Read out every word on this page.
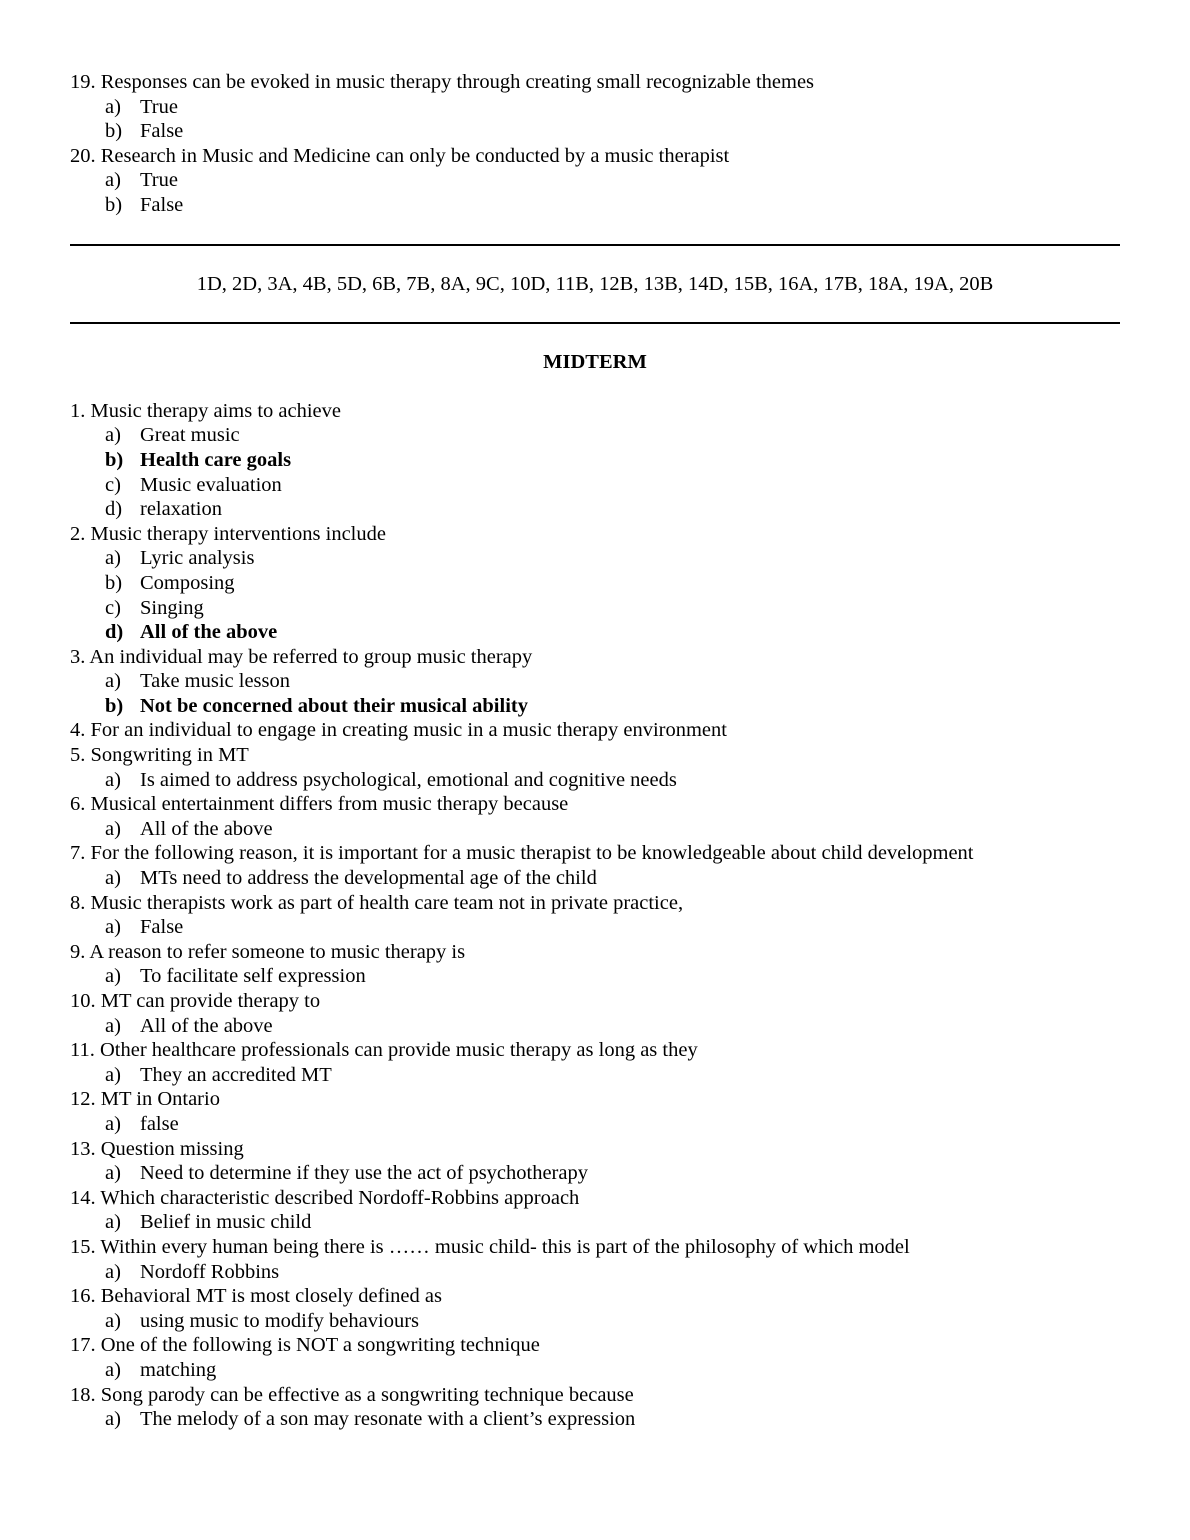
19. Responses can be evoked in music therapy through creating small recognizable themes

a) True

b) False

20. Research in Music and Medicine can only be conducted by a music therapist

a) True

b) False

1D, 2D, 3A, 4B, 5D, 6B, 7B, 8A, 9C, 10D, 11B, 12B, 13B, 14D, 15B, 16A, 17B, 18A, 19A, 20B

MIDTERM

1. Music therapy aims to achieve

a) Great music

b) Health care goals

c) Music evaluation

d) relaxation

2. Music therapy interventions include

a) Lyric analysis

b) Composing

c) Singing

d) All of the above

3. An individual may be referred to group music therapy

a) Take music lesson

b) Not be concerned about their musical ability

4. For an individual to engage in creating music in a music therapy environment

5. Songwriting in MT

a) Is aimed to address psychological, emotional and cognitive needs

6. Musical entertainment differs from music therapy because

a) All of the above

7. For the following reason, it is important for a music therapist to be knowledgeable about child development

a) MTs need to address the developmental age of the child

8. Music therapists work as part of health care team not in private practice,

a) False

9. A reason to refer someone to music therapy is

a) To facilitate self expression

10. MT can provide therapy to

a) All of the above

11. Other healthcare professionals can provide music therapy as long as they

a) They an accredited MT

12. MT in Ontario

a) false

13. Question missing

a) Need to determine if they use the act of psychotherapy

14. Which characteristic described Nordoff-Robbins approach

a) Belief in music child

15. Within every human being there is …… music child- this is part of the philosophy of which model

a) Nordoff Robbins

16. Behavioral MT is most closely defined as

a) using music to modify behaviours

17. One of the following is NOT a songwriting technique

a) matching

18. Song parody can be effective as a songwriting technique because

a) The melody of a son may resonate with a client’s expression
